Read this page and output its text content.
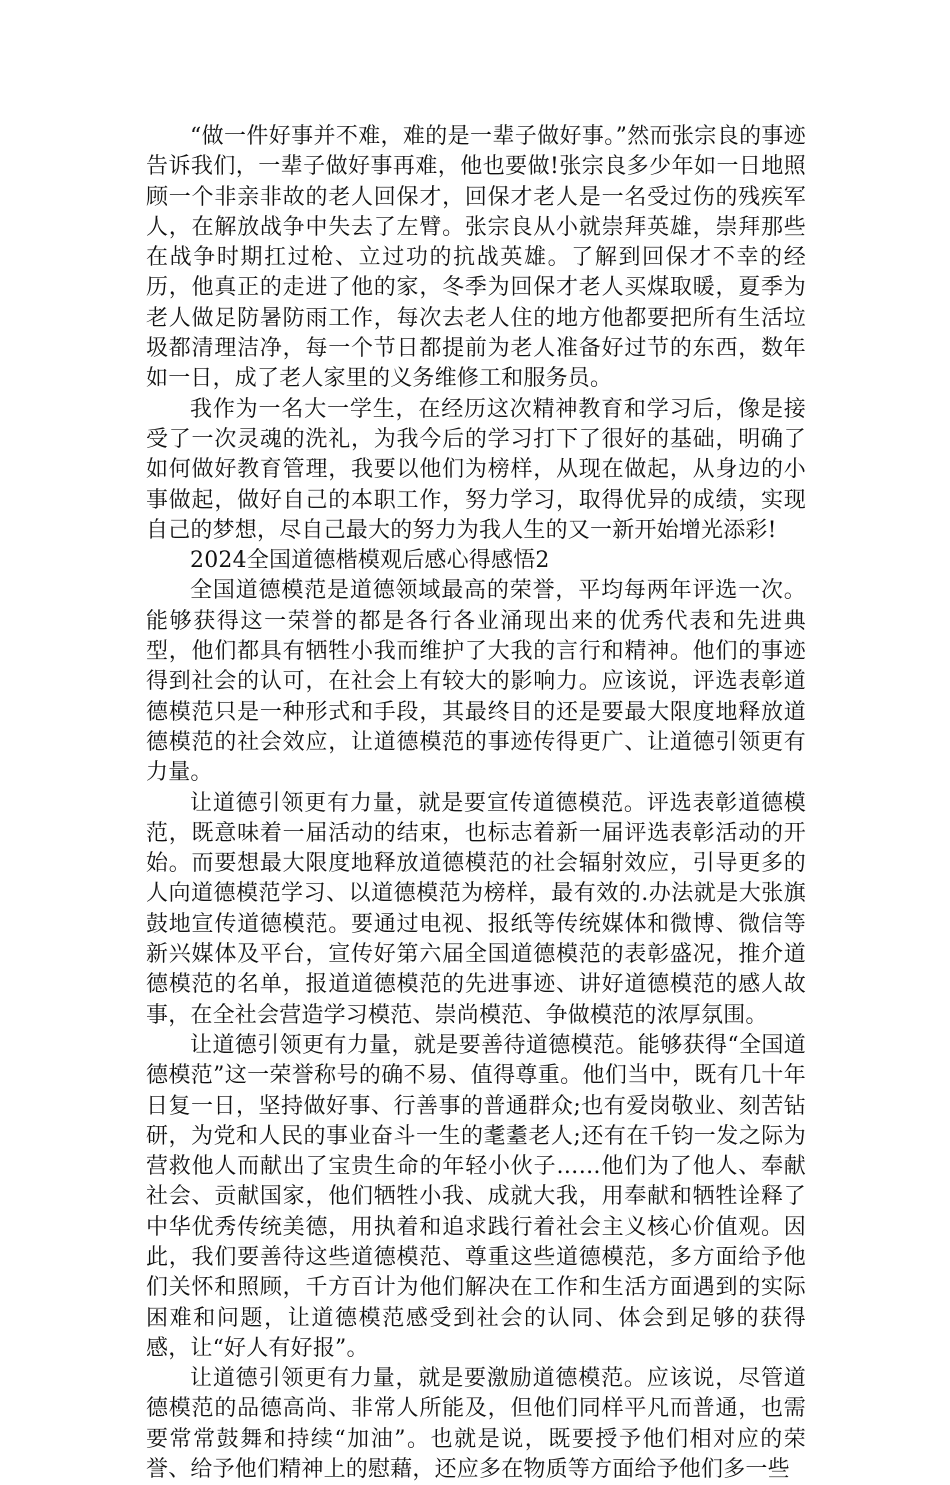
“做一件好事并不难，难的是一辈子做好事。”然而张宗良的事迹告诉我们，一辈子做好事再难，他也要做!张宗良多少年如一日地照顾一个非亲非故的老人回保才，回保才老人是一名受过伤的残疾军人，在解放战争中失去了左臂。张宗良从小就崇拜英雄，崇拜那些在战争时期扛过枪、立过功的抗战英雄。了解到回保才不幸的经历，他真正的走进了他的家，冬季为回保才老人买煤取暖，夏季为老人做足防暑防雨工作，每次去老人住的地方他都要把所有生活垃圾都清理洁净，每一个节日都提前为老人准备好过节的东西，数年如一日，成了老人家里的义务维修工和服务员。

我作为一名大一学生，在经历这次精神教育和学习后，像是接受了一次灵魂的洗礼，为我今后的学习打下了很好的基础，明确了如何做好教育管理，我要以他们为榜样，从现在做起，从身边的小事做起，做好自己的本职工作，努力学习，取得优异的成绩，实现自己的梦想，尽自己最大的努力为我人生的又一新开始增光添彩!

2024全国道德楷模观后感心得感悟2

全国道德模范是道德领域最高的荣誉，平均每两年评选一次。能够获得这一荣誉的都是各行各业涌现出来的优秀代表和先进典型，他们都具有牺牲小我而维护了大我的言行和精神。他们的事迹得到社会的认可，在社会上有较大的影响力。应该说，评选表彰道德模范只是一种形式和手段，其最终目的还是要最大限度地释放道德模范的社会效应，让道德模范的事迹传得更广、让道德引领更有力量。

让道德引领更有力量，就是要宣传道德模范。评选表彰道德模范，既意味着一届活动的结束，也标志着新一届评选表彰活动的开始。而要想最大限度地释放道德模范的社会辐射效应，引导更多的人向道德模范学习、以道德模范为榜样，最有效的.办法就是大张旗鼓地宣传道德模范。要通过电视、报纸等传统媒体和微博、微信等新兴媒体及平台，宣传好第六届全国道德模范的表彰盛况，推介道德模范的名单，报道道德模范的先进事迹、讲好道德模范的感人故事，在全社会营造学习模范、崇尚模范、争做模范的浓厚氛围。

让道德引领更有力量，就是要善待道德模范。能够获得“全国道德模范”这一荣誉称号的确不易、值得尊重。他们当中，既有几十年日复一日，坚持做好事、行善事的普通群众;也有爱岗敬业、刻苦钻研，为党和人民的事业奋斗一生的耄耋老人;还有在千钧一发之际为营救他人而献出了宝贵生命的年轻小伙子……他们为了他人、奉献社会、贡献国家，他们牺牲小我、成就大我，用奉献和牺牲诠释了中华优秀传统美德，用执着和追求践行着社会主义核心价值观。因此，我们要善待这些道德模范、尊重这些道德模范，多方面给予他们关怀和照顾，千方百计为他们解决在工作和生活方面遇到的实际困难和问题，让道德模范感受到社会的认同、体会到足够的获得感，让“好人有好报”。

让道德引领更有力量，就是要激励道德模范。应该说，尽管道德模范的品德高尚、非常人所能及，但他们同样平凡而普通，也需要常常鼓舞和持续“加油”。也就是说，既要授予他们相对应的荣誉、给予他们精神上的慰藉，还应多在物质等方面给予他们多一些
